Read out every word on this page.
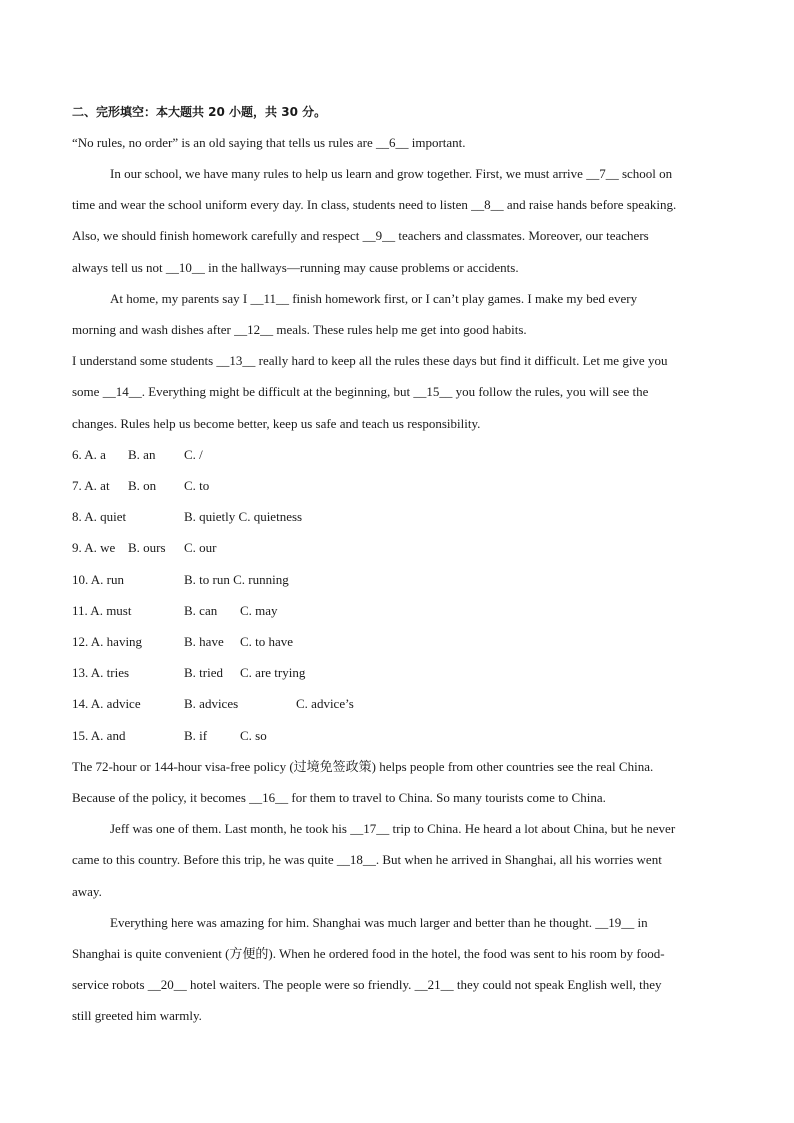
二、完形填空：本大题共 20 小题，共 30 分。
“No rules, no order” is an old saying that tells us rules are __6__ important.
In our school, we have many rules to help us learn and grow together. First, we must arrive __7__ school on
time and wear the school uniform every day. In class, students need to listen __8__ and raise hands before speaking.
Also, we should finish homework carefully and respect __9__ teachers and classmates. Moreover, our teachers
always tell us not __10__ in the hallways—running may cause problems or accidents.
At home, my parents say I __11__ finish homework first, or I can’t play games. I make my bed every
morning and wash dishes after __12__ meals. These rules help me get into good habits.
I understand some students __13__ really hard to keep all the rules these days but find it difficult. Let me give you
some __14__. Everything might be difficult at the beginning, but __15__ you follow the rules, you will see the
changes. Rules help us become better, keep us safe and teach us responsibility.
6. A. a B. an C. /
7. A. at B. on C. to
8. A. quiet	B. quietly C. quietness
9. A. we B. ours C. our
10. A. run	B. to run C. running
11. A. must	B. can C. may
12. A. having	B. have C. to have
13. A. tries	B. tried C. are trying
14. A. advice	B. advices	C. advice’s
15. A. and	B. if	C. so
The 72-hour or 144-hour visa-free policy (过境免签政策) helps people from other countries see the real China.
Because of the policy, it becomes __16__ for them to travel to China. So many tourists come to China.
Jeff was one of them. Last month, he took his __17__ trip to China. He heard a lot about China, but he never
came to this country. Before this trip, he was quite __18__. But when he arrived in Shanghai, all his worries went
away.
Everything here was amazing for him. Shanghai was much larger and better than he thought. __19__ in
Shanghai is quite convenient (方便的). When he ordered food in the hotel, the food was sent to his room by food-
service robots __20__ hotel waiters. The people were so friendly. __21__ they could not speak English well, they
still greeted him warmly.
